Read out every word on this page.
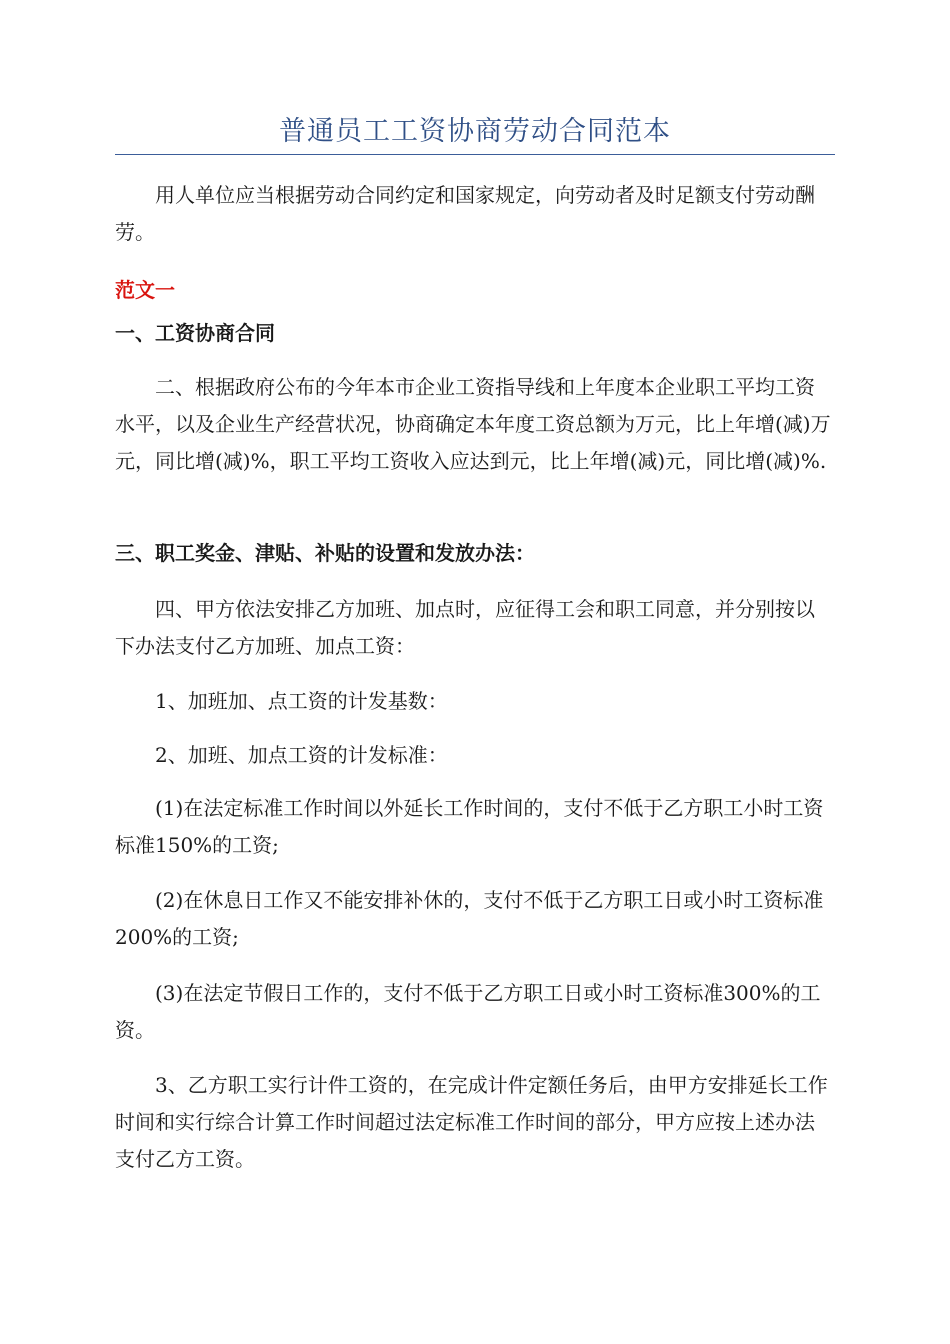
普通员工工资协商劳动合同范本

用人单位应当根据劳动合同约定和国家规定，向劳动者及时足额支付劳动酬劳。

范文一
一、工资协商合同

二、根据政府公布的今年本市企业工资指导线和上年度本企业职工平均工资水平，以及企业生产经营状况，协商确定本年度工资总额为万元，比上年增(减)万元，同比增(减)%，职工平均工资收入应达到元，比上年增(减)元，同比增(减)%.

三、职工奖金、津贴、补贴的设置和发放办法：

四、甲方依法安排乙方加班、加点时，应征得工会和职工同意，并分别按以下办法支付乙方加班、加点工资：

1、加班加、点工资的计发基数：

2、加班、加点工资的计发标准：

(1)在法定标准工作时间以外延长工作时间的，支付不低于乙方职工小时工资标准150%的工资;

(2)在休息日工作又不能安排补休的，支付不低于乙方职工日或小时工资标准200%的工资;

(3)在法定节假日工作的，支付不低于乙方职工日或小时工资标准300%的工资。

3、乙方职工实行计件工资的，在完成计件定额任务后，由甲方安排延长工作时间和实行综合计算工作时间超过法定标准工作时间的部分，甲方应按上述办法支付乙方工资。
